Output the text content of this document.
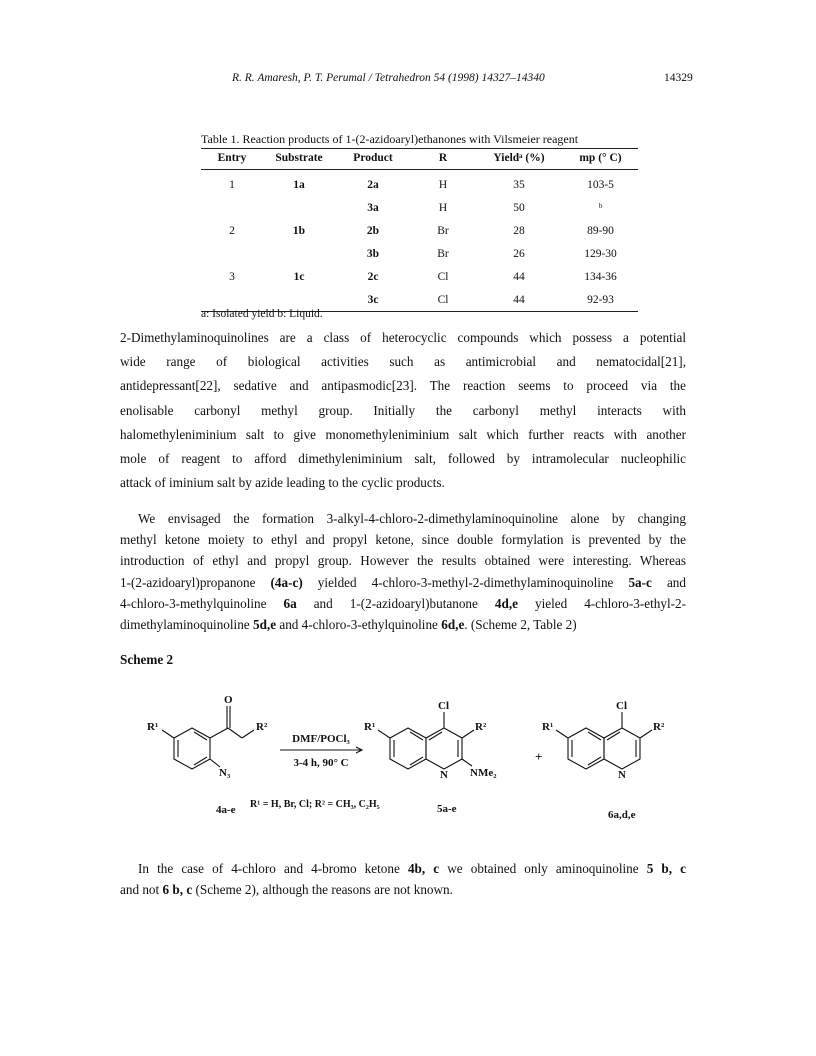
R. R. Amaresh, P. T. Perumal / Tetrahedron 54 (1998) 14327–14340	14329
Table 1. Reaction products of 1-(2-azidoaryl)ethanones with Vilsmeier reagent
Entry	Substrate	Product	R	Yieldᵃ (%)	mp (° C)
1	1a	2a	H	35	103-5
		3a	H	50	ᵇ
2	1b	2b	Br	28	89-90
		3b	Br	26	129-30
3	1c	2c	Cl	44	134-36
		3c	Cl	44	92-93
a: Isolated yield b: Liquid.
2-Dimethylaminoquinolines are a class of heterocyclic compounds which possess a potential
wide range of biological activities such as antimicrobial and nematocidal[21],
antidepressant[22], sedative and antipasmodic[23]. The reaction seems to proceed via the
enolisable carbonyl methyl group. Initially the carbonyl methyl interacts with
halomethyleniminium salt to give monomethyleniminium salt which further reacts with another
mole of reagent to afford dimethyleniminium salt, followed by intramolecular nucleophilic
attack of iminium salt by azide leading to the cyclic products.
We envisaged the formation 3-alkyl-4-chloro-2-dimethylaminoquinoline alone by changing
methyl ketone moiety to ethyl and propyl ketone, since double formylation is prevented by the
introduction of ethyl and propyl group. However the results obtained were interesting. Whereas
1-(2-azidoaryl)propanone (4a-c) yielded 4-chloro-3-methyl-2-dimethylaminoquinoline 5a-c and
4-chloro-3-methylquinoline 6a and 1-(2-azidoaryl)butanone 4d,e yieled 4-chloro-3-ethyl-2-
dimethylaminoquinoline 5d,e and 4-chloro-3-ethylquinoline 6d,e. (Scheme 2, Table 2)
Scheme 2
R¹
O
R²
N₃
DMF/POCl₃
3-4 h, 90° C
R¹
Cl
R²
N NMe₂
+
R¹
Cl
R²
N
4a-e R¹ = H, Br, Cl; R² = CH₃, C₂H₅	5a-e	6a,d,e
In the case of 4-chloro and 4-bromo ketone 4b, c we obtained only aminoquinoline 5 b, c
and not 6 b, c (Scheme 2), although the reasons are not known.
